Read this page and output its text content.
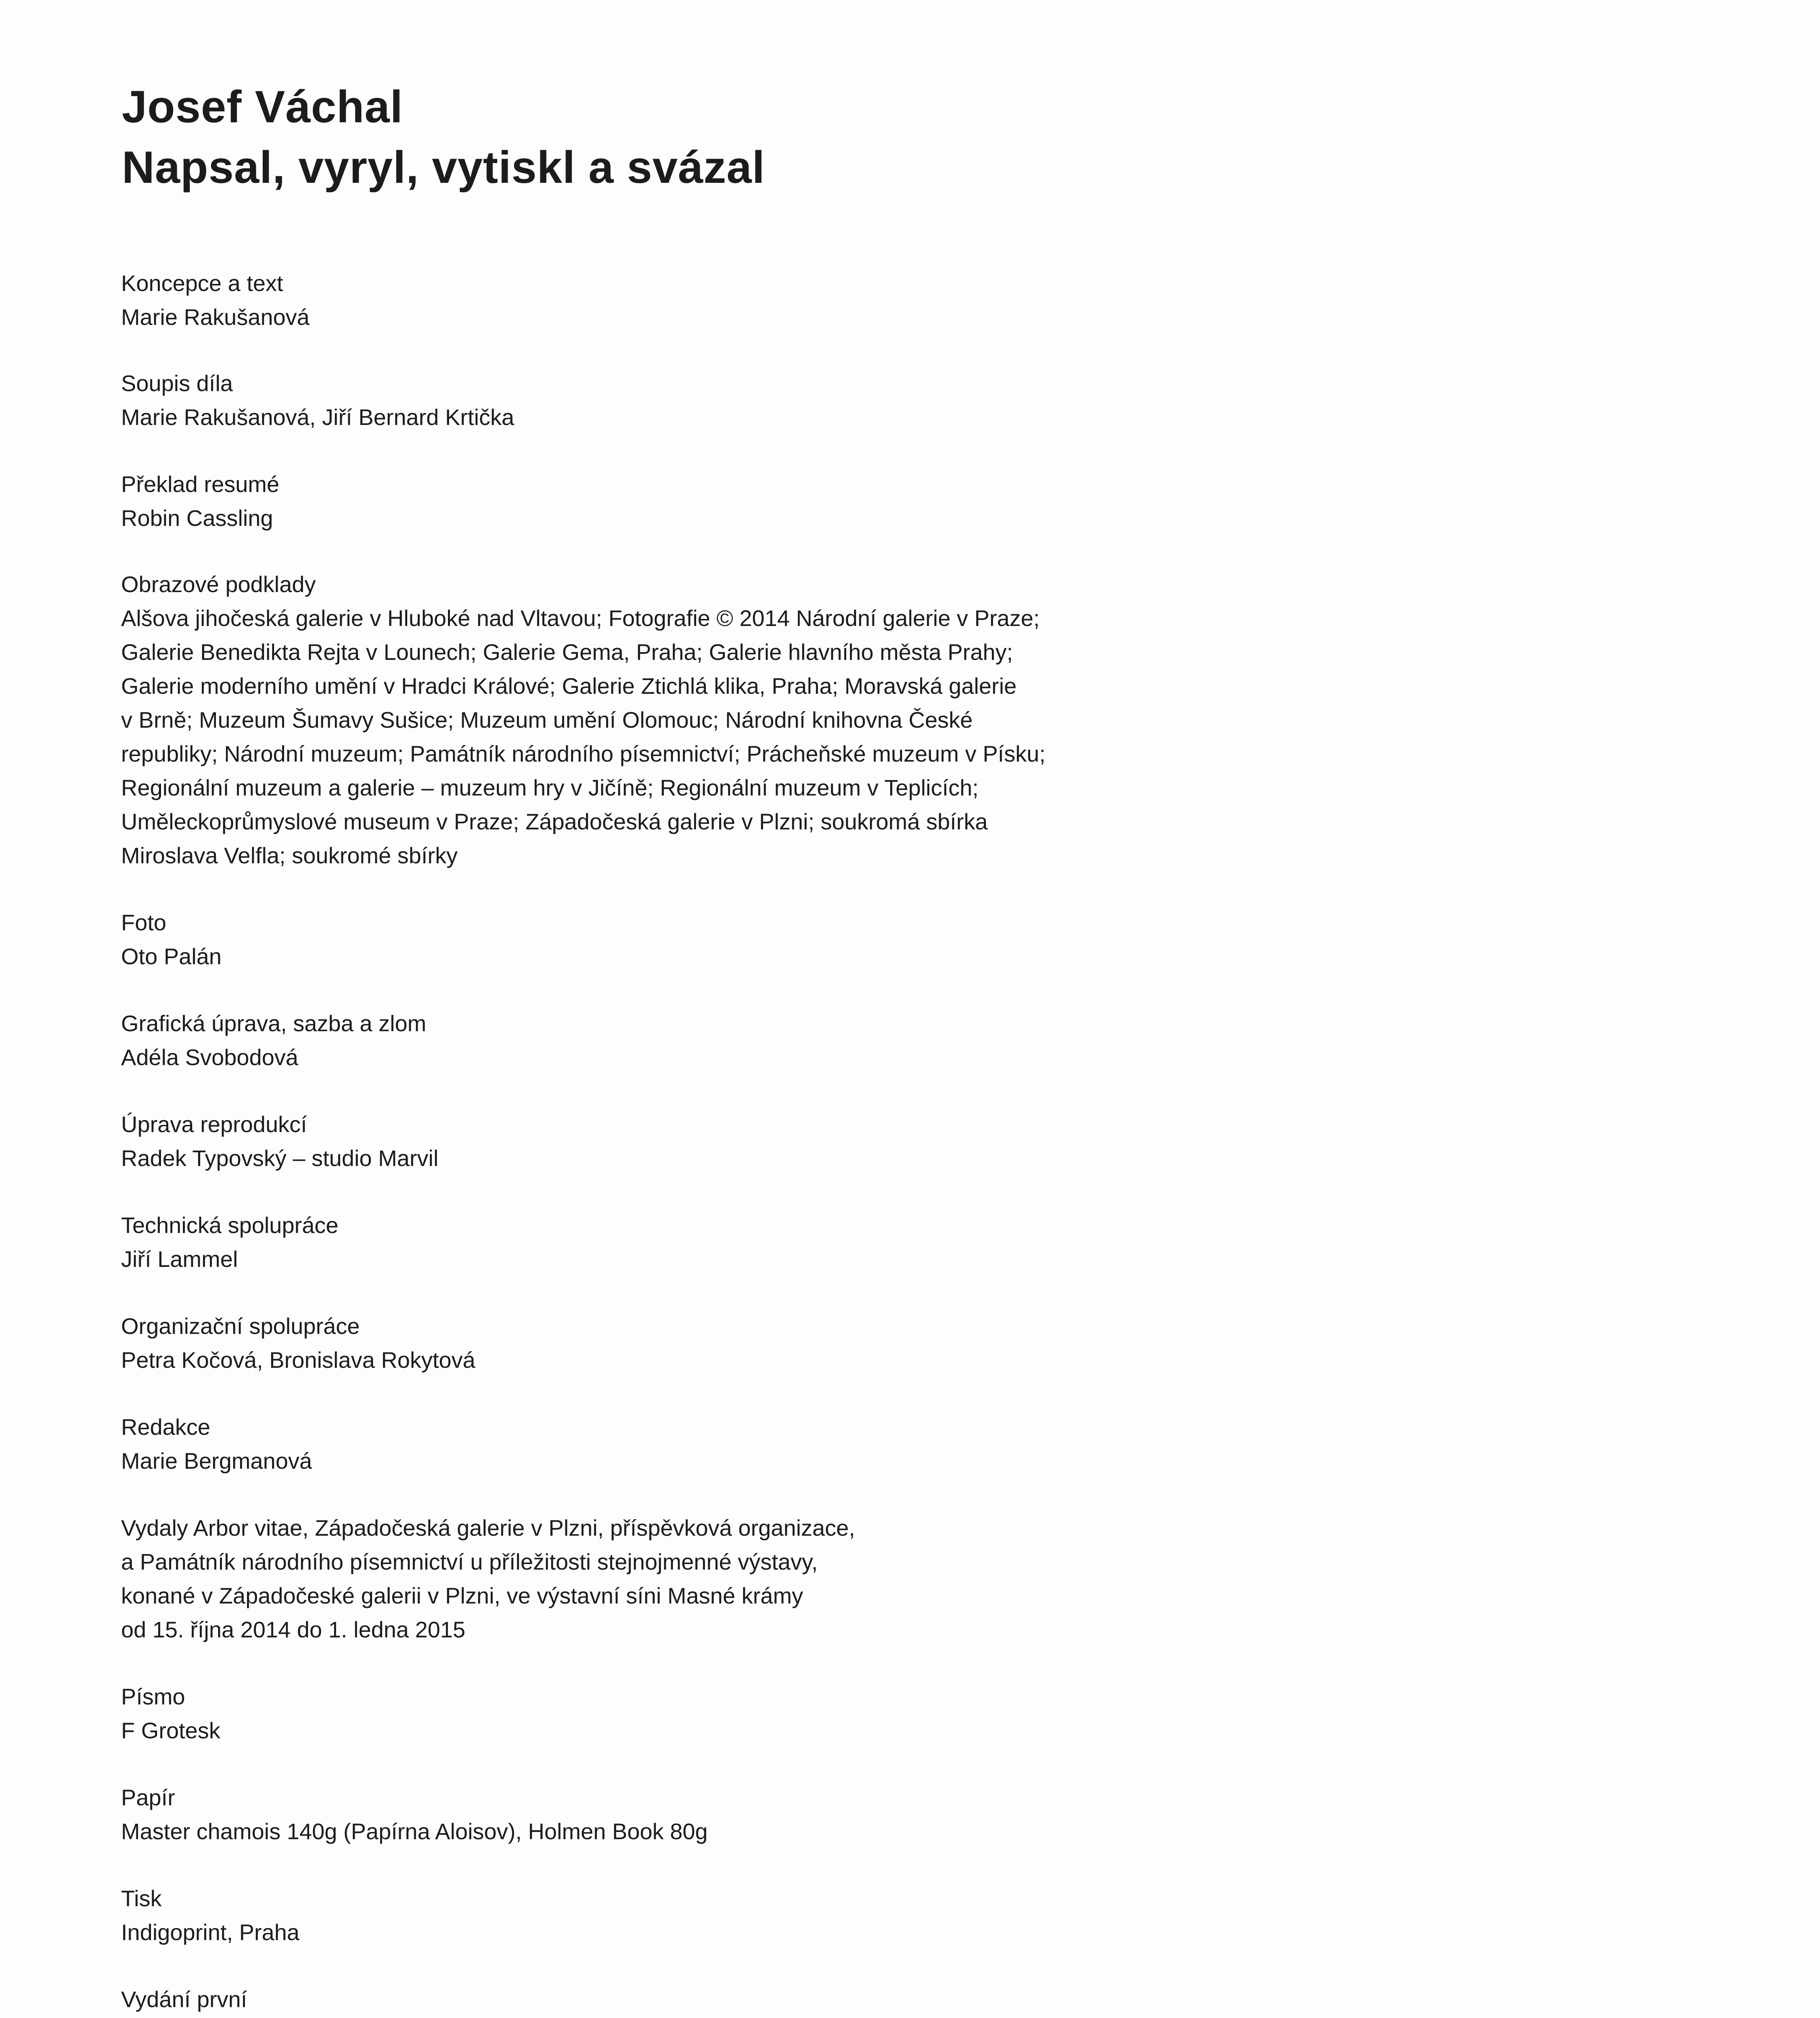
Josef Váchal
Napsal, vyryl, vytiskl a svázal
Koncepce a text
Marie Rakušanová
Soupis díla
Marie Rakušanová, Jiří Bernard Krtička
Překlad resumé
Robin Cassling
Obrazové podklady
Alšova jihočeská galerie v Hluboké nad Vltavou; Fotografie © 2014 Národní galerie v Praze;
Galerie Benedikta Rejta v Lounech; Galerie Gema, Praha; Galerie hlavního města Prahy;
Galerie moderního umění v Hradci Králové; Galerie Ztichlá klika, Praha; Moravská galerie
v Brně; Muzeum Šumavy Sušice; Muzeum umění Olomouc; Národní knihovna České
republiky; Národní muzeum; Památník národního písemnictví; Prácheňské muzeum v Písku;
Regionální muzeum a galerie – muzeum hry v Jičíně; Regionální muzeum v Teplicích;
Uměleckoprůmyslové museum v Praze; Západočeská galerie v Plzni; soukromá sbírka
Miroslava Velfla; soukromé sbírky
Foto
Oto Palán
Grafická úprava, sazba a zlom
Adéla Svobodová
Úprava reprodukcí
Radek Typovský – studio Marvil
Technická spolupráce
Jiří Lammel
Organizační spolupráce
Petra Kočová, Bronislava Rokytová
Redakce
Marie Bergmanová
Vydaly Arbor vitae, Západočeská galerie v Plzni, příspěvková organizace,
a Památník národního písemnictví u příležitosti stejnojmenné výstavy,
konané v Západočeské galerii v Plzni, ve výstavní síni Masné krámy
od 15. října 2014 do 1. ledna 2015
Písmo
F Grotesk
Papír
Master chamois 140g (Papírna Aloisov), Holmen Book 80g
Tisk
Indigoprint, Praha
Vydání první
